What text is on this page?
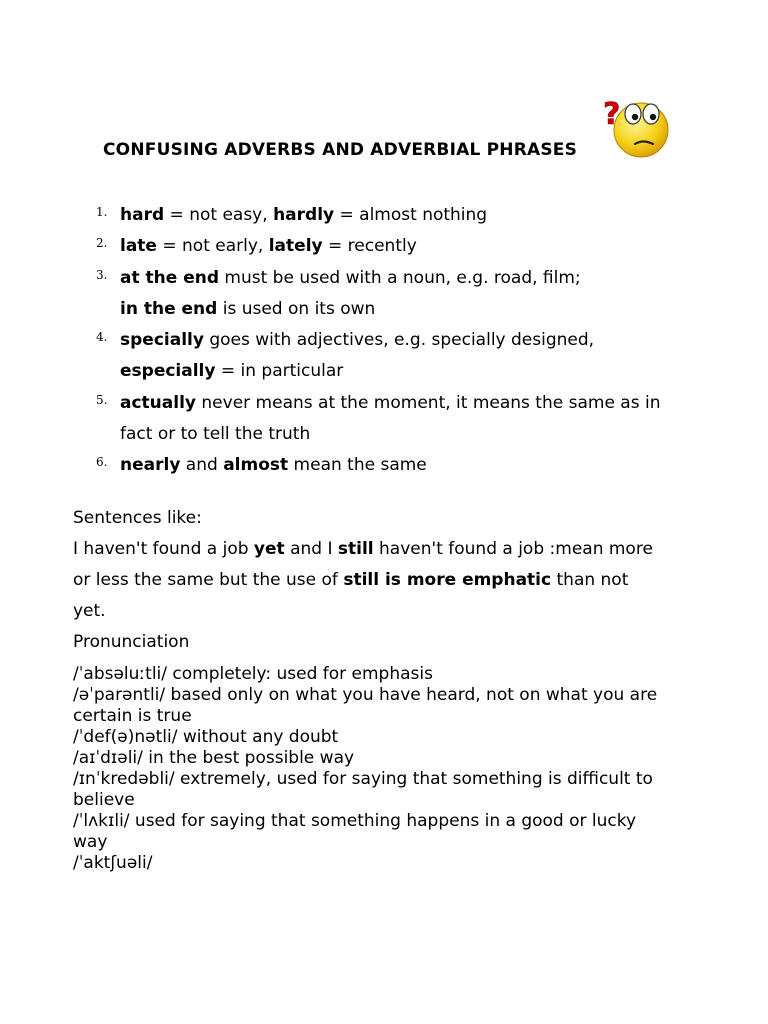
CONFUSING ADVERBS AND ADVERBIAL PHRASES
?
1. hard = not easy, hardly = almost nothing
2. late = not early, lately = recently
3. at the end must be used with a noun, e.g. road, film;
in the end is used on its own
4. specially goes with adjectives, e.g. specially designed,
especially = in particular
5. actually never means at the moment, it means the same as in
fact or to tell the truth
6. nearly and almost mean the same
Sentences like:
I haven't found a job yet and I still haven't found a job :mean more
or less the same but the use of still is more emphatic than not
yet.
Pronunciation
/ˈabsəluːtli/ completely: used for emphasis
/əˈparəntli/ based only on what you have heard, not on what you are
certain is true
/ˈdef(ə)nətli/ without any doubt
/aɪˈdɪəli/ in the best possible way
/ɪnˈkredəbli/ extremely, used for saying that something is difficult to
believe
/ˈlʌkɪli/ used for saying that something happens in a good or lucky
way
/ˈaktʃuəli/
